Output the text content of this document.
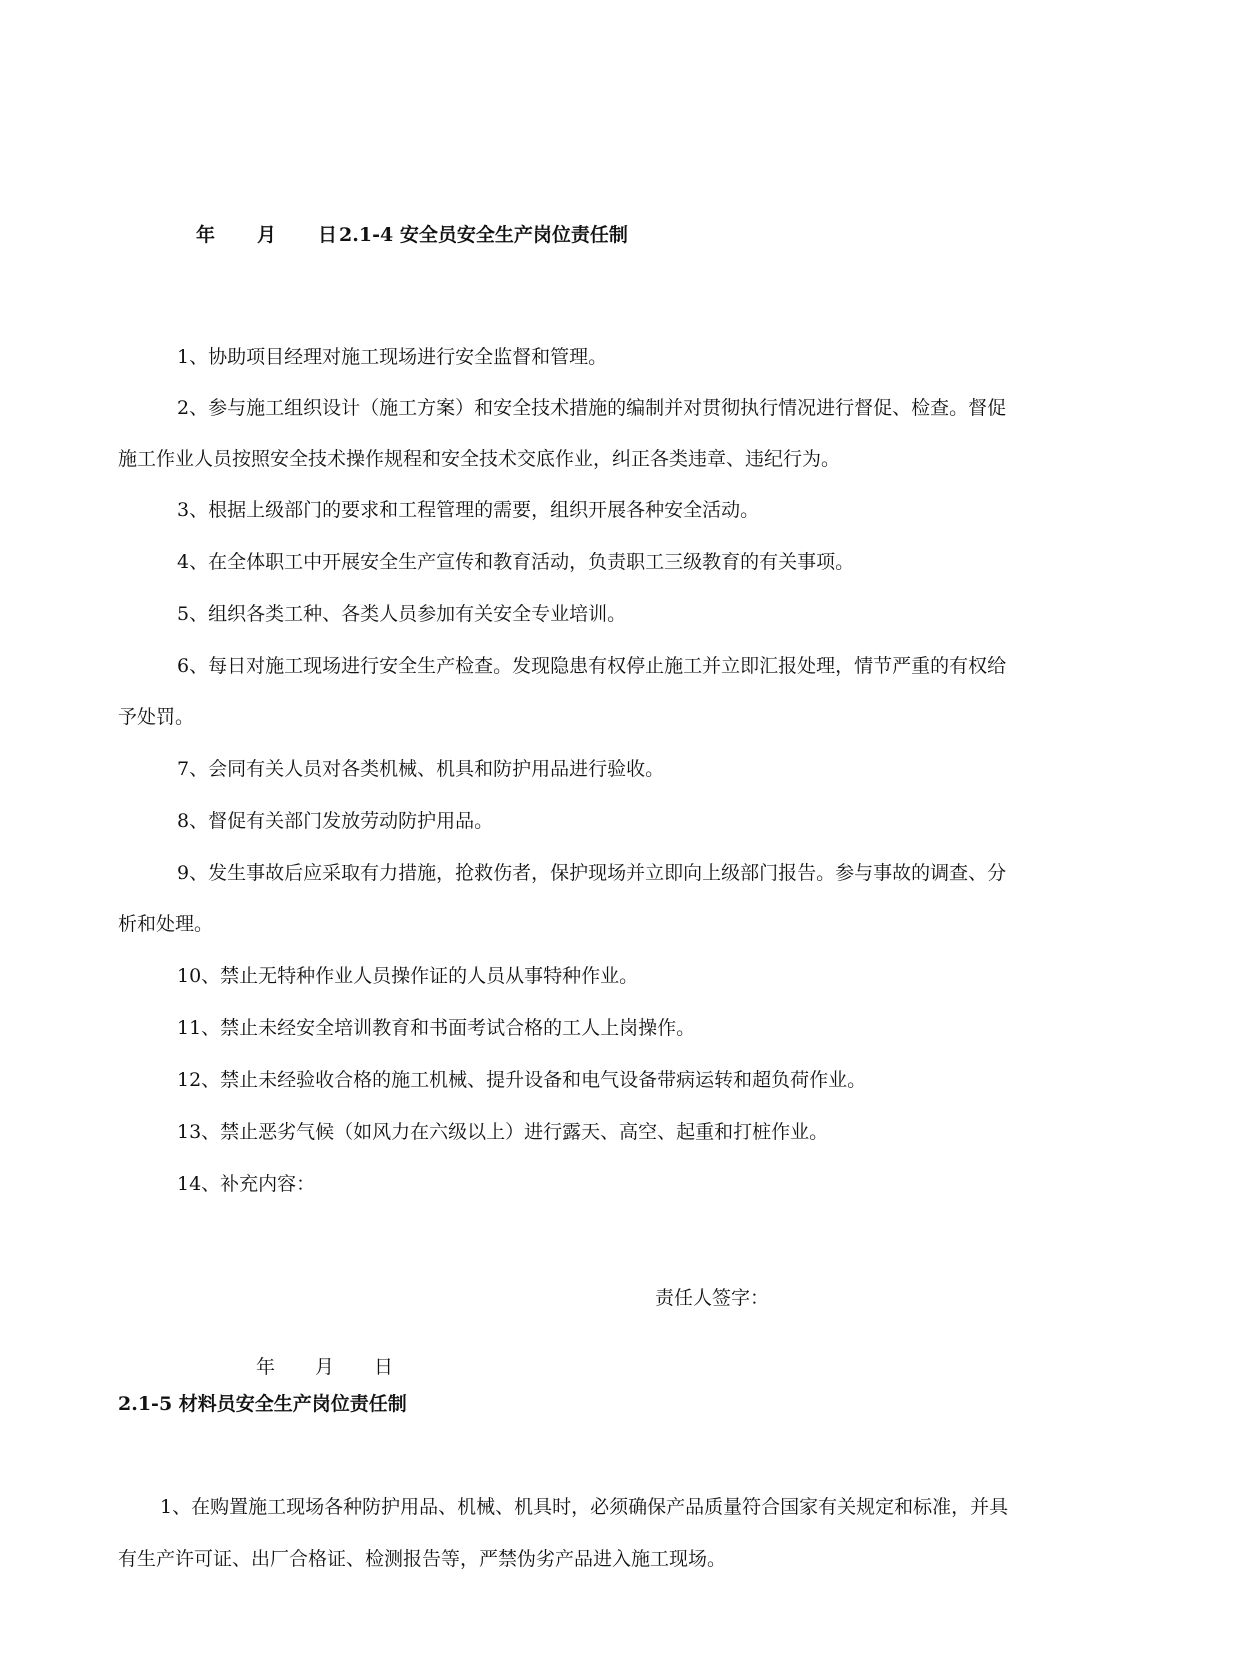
年 月 日 2.1-4 安全员安全生产岗位责任制
1、协助项目经理对施工现场进行安全监督和管理。
2、参与施工组织设计（施工方案）和安全技术措施的编制并对贯彻执行情况进行督促、检查。督促
施工作业人员按照安全技术操作规程和安全技术交底作业，纠正各类违章、违纪行为。
3、根据上级部门的要求和工程管理的需要，组织开展各种安全活动。
4、在全体职工中开展安全生产宣传和教育活动，负责职工三级教育的有关事项。
5、组织各类工种、各类人员参加有关安全专业培训。
6、每日对施工现场进行安全生产检查。发现隐患有权停止施工并立即汇报处理，情节严重的有权给
予处罚。
7、会同有关人员对各类机械、机具和防护用品进行验收。
8、督促有关部门发放劳动防护用品。
9、发生事故后应采取有力措施，抢救伤者，保护现场并立即向上级部门报告。参与事故的调查、分
析和处理。
10、禁止无特种作业人员操作证的人员从事特种作业。
11、禁止未经安全培训教育和书面考试合格的工人上岗操作。
12、禁止未经验收合格的施工机械、提升设备和电气设备带病运转和超负荷作业。
13、禁止恶劣气候（如风力在六级以上）进行露天、高空、起重和打桩作业。
14、补充内容：
责任人签字：
年 月 日
2.1-5 材料员安全生产岗位责任制
1、在购置施工现场各种防护用品、机械、机具时，必须确保产品质量符合国家有关规定和标准，并具
有生产许可证、出厂合格证、检测报告等，严禁伪劣产品进入施工现场。
